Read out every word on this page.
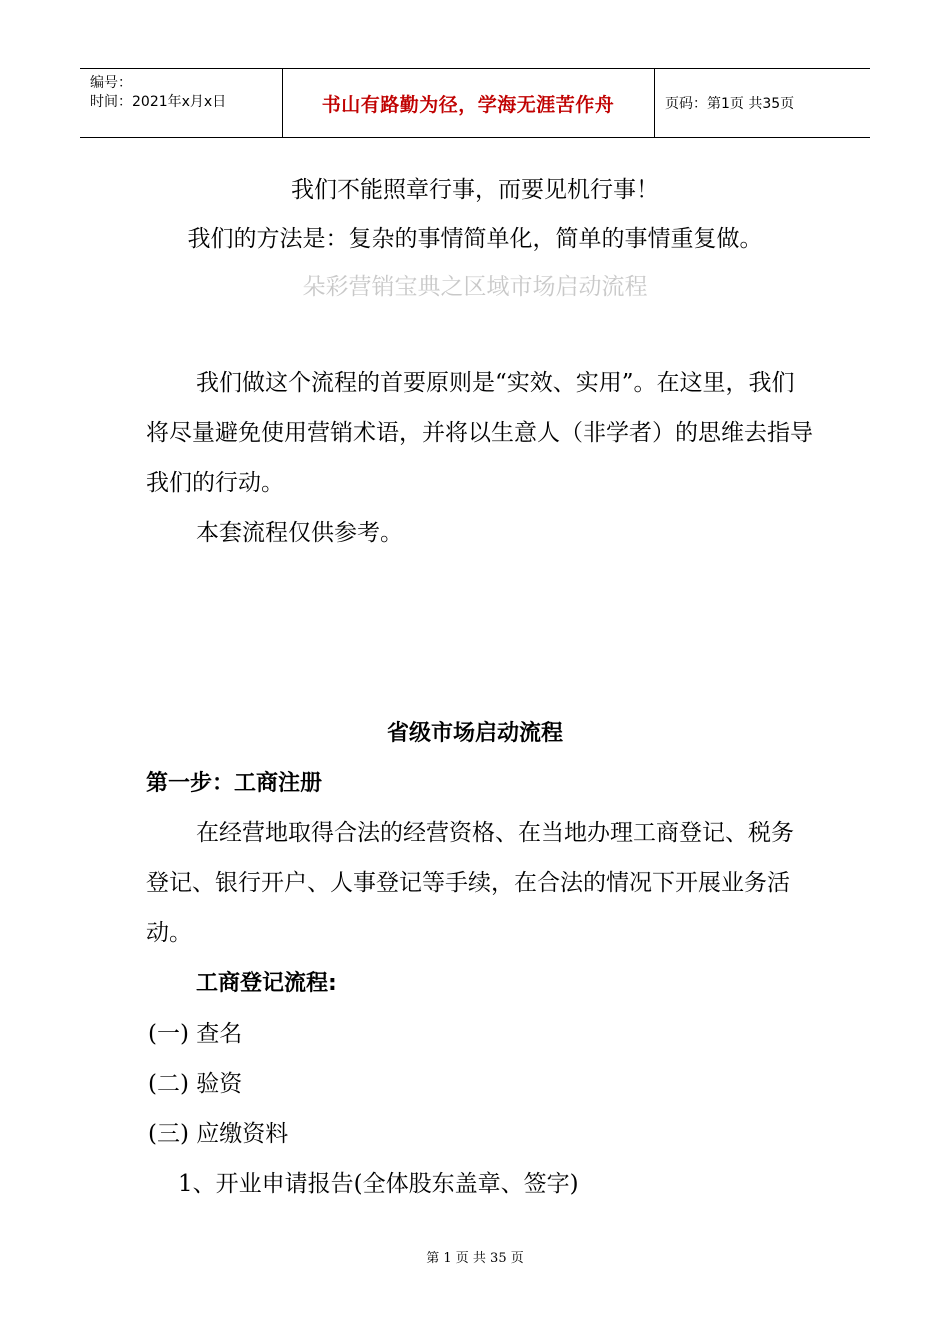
编号：
时间：2021年x月x日	书山有路勤为径，学海无涯苦作舟	页码：第1页 共35页
我们不能照章行事，而要见机行事！
我们的方法是：复杂的事情简单化，简单的事情重复做。
朵彩营销宝典之区域市场启动流程
我们做这个流程的首要原则是“实效、实用”。在这里，我们将尽量避免使用营销术语，并将以生意人（非学者）的思维去指导我们的行动。
本套流程仅供参考。
省级市场启动流程
第一步：工商注册
在经营地取得合法的经营资格、在当地办理工商登记、税务登记、银行开户、人事登记等手续，在合法的情况下开展业务活动。
工商登记流程:
(一) 查名
(二) 验资
(三) 应缴资料
1、开业申请报告(全体股东盖章、签字)
第 1 页 共 35 页
